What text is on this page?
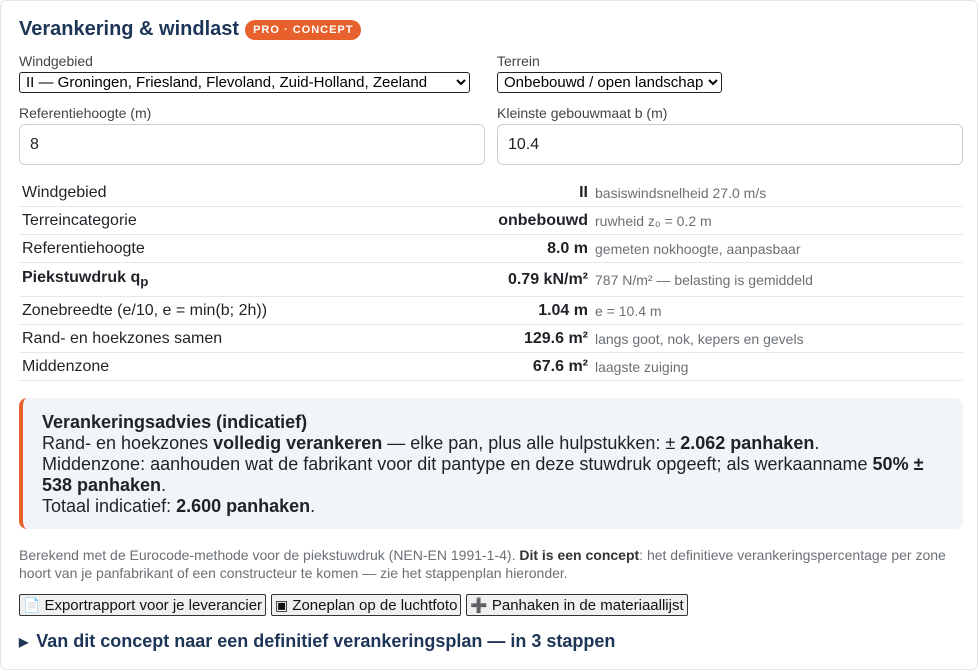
Verankering & windlast	PRO · CONCEPT
Windgebied
II — Groningen, Friesland, Flevoland, Zuid-Holland, Zeeland	Terrein
Onbebouwd / open landschap
Referentiehoogte (m)
8	Kleinste gebouwmaat b (m)
10.4
Windgebied	II	basiswindsnelheid 27.0 m/s
Terreincategorie	onbebouwd	ruwheid z₀ = 0.2 m
Referentiehoogte	8.0 m	gemeten nokhoogte, aanpasbaar
Piekstuwdruk $q_p$	0.79 kN/m²	787 N/m² — belasting is gemiddeld
Zonebreedte (e/10, e = min(b; 2h))	1.04 m	e = 10.4 m
Rand- en hoekzones samen	129.6 m²	langs goot, nok, kepers en gevels
Middenzone	67.6 m²	laagste zuiging
Verankeringsadvies (indicatief)
Rand- en hoekzones volledig verankeren — elke pan, plus alle hulpstukken: ± 2.062 panhaken.
Middenzone: aanhouden wat de fabrikant voor dit pantype en deze stuwdruk opgeeft; als werkaanname 50% ± 538 panhaken.
Totaal indicatief: 2.600 panhaken.
Berekend met de Eurocode-methode voor de piekstuwdruk (NEN-EN 1991-1-4). Dit is een concept: het definitieve verankeringspercentage per zone hoort van je panfabrikant of een constructeur te komen — zie het stappenplan hieronder.
📄 Exportrapport voor je leverancier ▣ Zoneplan op de luchtfoto ➕ Panhaken in de materiaallijst
▶ Van dit concept naar een definitief verankeringsplan — in 3 stappen
